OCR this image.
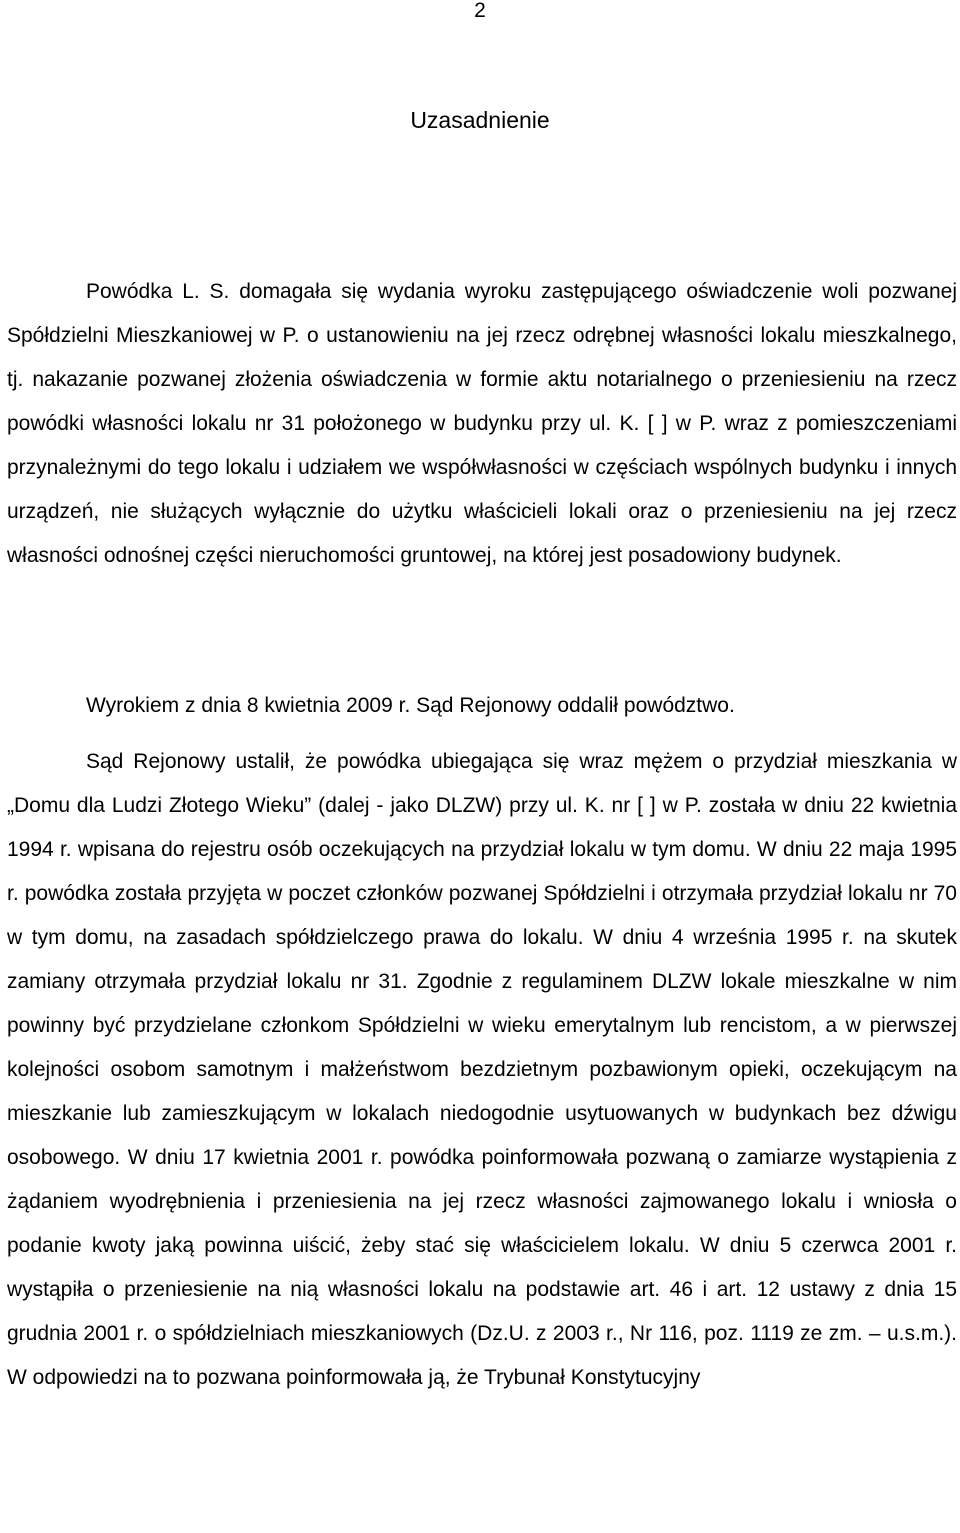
2
Uzasadnienie

Powódka L. S. domagała się wydania wyroku zastępującego oświadczenie woli pozwanej Spółdzielni Mieszkaniowej w P. o ustanowieniu na jej rzecz odrębnej własności lokalu mieszkalnego, tj. nakazanie pozwanej złożenia oświadczenia w formie aktu notarialnego o przeniesieniu na rzecz powódki własności lokalu nr 31 położonego w budynku przy ul. K. [ ] w P. wraz z pomieszczeniami przynależnymi do tego lokalu i udziałem we współwłasności w częściach wspólnych budynku i innych urządzeń, nie służących wyłącznie do użytku właścicieli lokali oraz o przeniesieniu na jej rzecz własności odnośnej części nieruchomości gruntowej, na której jest posadowiony budynek.

Wyrokiem z dnia 8 kwietnia 2009 r. Sąd Rejonowy oddalił powództwo.

Sąd Rejonowy ustalił, że powódka ubiegająca się wraz mężem o przydział mieszkania w „Domu dla Ludzi Złotego Wieku” (dalej - jako DLZW) przy ul. K. nr [ ] w P. została w dniu 22 kwietnia 1994 r. wpisana do rejestru osób oczekujących na przydział lokalu w tym domu. W dniu 22 maja 1995 r. powódka została przyjęta w poczet członków pozwanej Spółdzielni i otrzymała przydział lokalu nr 70 w tym domu, na zasadach spółdzielczego prawa do lokalu. W dniu 4 września 1995 r. na skutek zamiany otrzymała przydział lokalu nr 31. Zgodnie z regulaminem DLZW lokale mieszkalne w nim powinny być przydzielane członkom Spółdzielni w wieku emerytalnym lub rencistom, a w pierwszej kolejności osobom samotnym i małżeństwom bezdzietnym pozbawionym opieki, oczekującym na mieszkanie lub zamieszkującym w lokalach niedogodnie usytuowanych w budynkach bez dźwigu osobowego. W dniu 17 kwietnia 2001 r. powódka poinformowała pozwaną o zamiarze wystąpienia z żądaniem wyodrębnienia i przeniesienia na jej rzecz własności zajmowanego lokalu i wniosła o podanie kwoty jaką powinna uiścić, żeby stać się właścicielem lokalu. W dniu 5 czerwca 2001 r. wystąpiła o przeniesienie na nią własności lokalu na podstawie art. 46 i art. 12 ustawy z dnia 15 grudnia 2001 r. o spółdzielniach mieszkaniowych (Dz.U. z 2003 r., Nr 116, poz. 1119 ze zm. – u.s.m.). W odpowiedzi na to pozwana poinformowała ją, że Trybunał Konstytucyjny
